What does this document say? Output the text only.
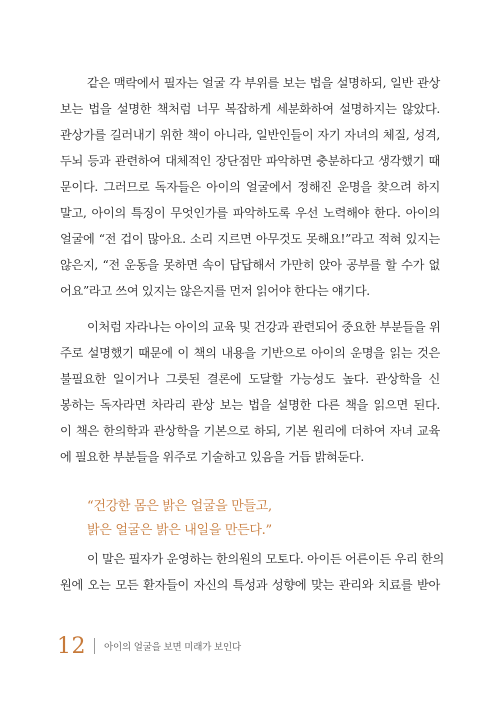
같은 맥락에서 필자는 얼굴 각 부위를 보는 법을 설명하되, 일반 관상
보는 법을 설명한 책처럼 너무 복잡하게 세분화하여 설명하지는 않았다.
관상가를 길러내기 위한 책이 아니라, 일반인들이 자기 자녀의 체질, 성격,
두뇌 등과 관련하여 대체적인 장단점만 파악하면 충분하다고 생각했기 때
문이다. 그러므로 독자들은 아이의 얼굴에서 정해진 운명을 찾으려 하지
말고, 아이의 특징이 무엇인가를 파악하도록 우선 노력해야 한다. 아이의
얼굴에 “전 겁이 많아요. 소리 지르면 아무것도 못해요!”라고 적혀 있지는
않은지, “전 운동을 못하면 속이 답답해서 가만히 앉아 공부를 할 수가 없
어요”라고 쓰여 있지는 않은지를 먼저 읽어야 한다는 얘기다.
이처럼 자라나는 아이의 교육 및 건강과 관련되어 중요한 부분들을 위
주로 설명했기 때문에 이 책의 내용을 기반으로 아이의 운명을 읽는 것은
불필요한 일이거나 그릇된 결론에 도달할 가능성도 높다. 관상학을 신
봉하는 독자라면 차라리 관상 보는 법을 설명한 다른 책을 읽으면 된다.
이 책은 한의학과 관상학을 기본으로 하되, 기본 원리에 더하여 자녀 교육
에 필요한 부분들을 위주로 기술하고 있음을 거듭 밝혀둔다.
“건강한 몸은 밝은 얼굴을 만들고,
밝은 얼굴은 밝은 내일을 만든다.”
이 말은 필자가 운영하는 한의원의 모토다. 아이든 어른이든 우리 한의
원에 오는 모든 환자들이 자신의 특성과 성향에 맞는 관리와 치료를 받아
12 아이의 얼굴을 보면 미래가 보인다
